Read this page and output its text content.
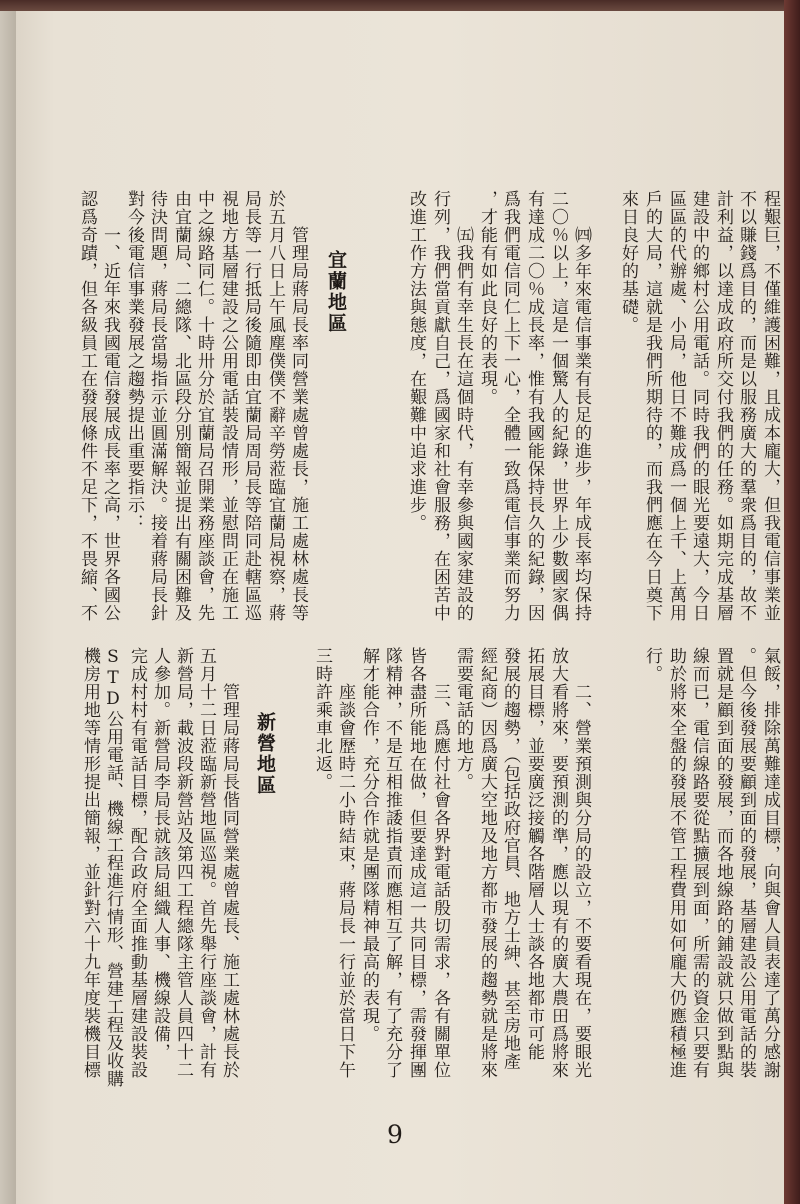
程艱巨，不僅維護困難，且成本龐大，但我電信事業並
不以賺錢爲目的，而是以服務廣大的羣衆爲目的，故不
計利益，以達成政府所交付我們的任務。如期完成基層
建設中的鄉村公用電話。同時我們的眼光要遠大，今日
區區的代辦處、小局，他日不難成爲一個上千、上萬用
戶的大局，這就是我們所期待的，而我們應在今日奠下
來日良好的基礎。
㈣多年來電信事業有長足的進步，年成長率均保持
二〇％以上，這是一個驚人的紀錄，世界上少數國家偶
有達成二〇％成長率，惟有我國能保持長久的紀錄，因
爲我們電信同仁上下一心，全體一致爲電信事業而努力
，才能有如此良好的表現。
㈤我們有幸生長在這個時代，有幸參與國家建設的
行列，我們當貢獻自己，爲國家和社會服務，在困苦中
改進工作方法與態度，在艱難中追求進步。
宜蘭地區
管理局蔣局長率同營業處曾處長，施工處林處長等
於五月八日上午風塵僕僕不辭辛勞蒞臨宜蘭局視察，蔣
局長等一行抵局後隨即由宜蘭局周局長等陪同赴轄區巡
視地方基層建設之公用電話裝設情形，並慰問正在施工
中之線路同仁。十時卅分於宜蘭局召開業務座談會，先
由宜蘭局、二總隊、北區段分別簡報並提出有關困難及
待決問題，蔣局長當場指示並圓滿解決。接着蔣局長針
對今後電信事業發展之趨勢提出重要指示：
一、近年來我國電信發展成長率之高，世界各國公
認爲奇蹟，但各級員工在發展條件不足下，不畏縮、不
氣餒，排除萬難達成目標，向與會人員表達了萬分感謝
。但今後發展要顧到面的發展，基層建設公用電話的裝
置就是顧到面的發展，而各地線路的鋪設就只做到點與
線而已，電信線路要從點擴展到面，所需的資金只要有
助於將來全盤的發展不管工程費用如何龐大仍應積極進
行。
二、營業預測與分局的設立，不要看現在，要眼光
放大看將來，要預測的準，應以現有的廣大農田爲將來
拓展目標，並要廣泛接觸各階層人士談各地都市可能
發展的趨勢，（包括政府官員、地方士紳、甚至房地產
經紀商）因爲廣大空地及地方都市發展的趨勢就是將來
需要電話的地方。
三、爲應付社會各界對電話殷切需求，各有關單位
皆各盡所能地在做，但要達成這一共同目標，需發揮團
隊精神，不是互相推諉指責而應相互了解，有了充分了
解才能合作，充分合作就是團隊精神最高的表現。
座談會歷時二小時結束，蔣局長一行並於當日下午
三時許乘車北返。
新營地區
管理局蔣局長偕同營業處曾處長、施工處林處長於
五月十二日蒞臨新營地區巡視。首先舉行座談會，計有
新營局，載波段新營站及第四工程總隊主管人員四十二
人參加。新營局李局長就該局組織人事、機線設備，
完成村村有電話目標，配合政府全面推動基層建設裝設
STD公用電話、機線工程進行情形、營建工程及收購
機房用地等情形提出簡報，並針對六十九年度裝機目標
9
